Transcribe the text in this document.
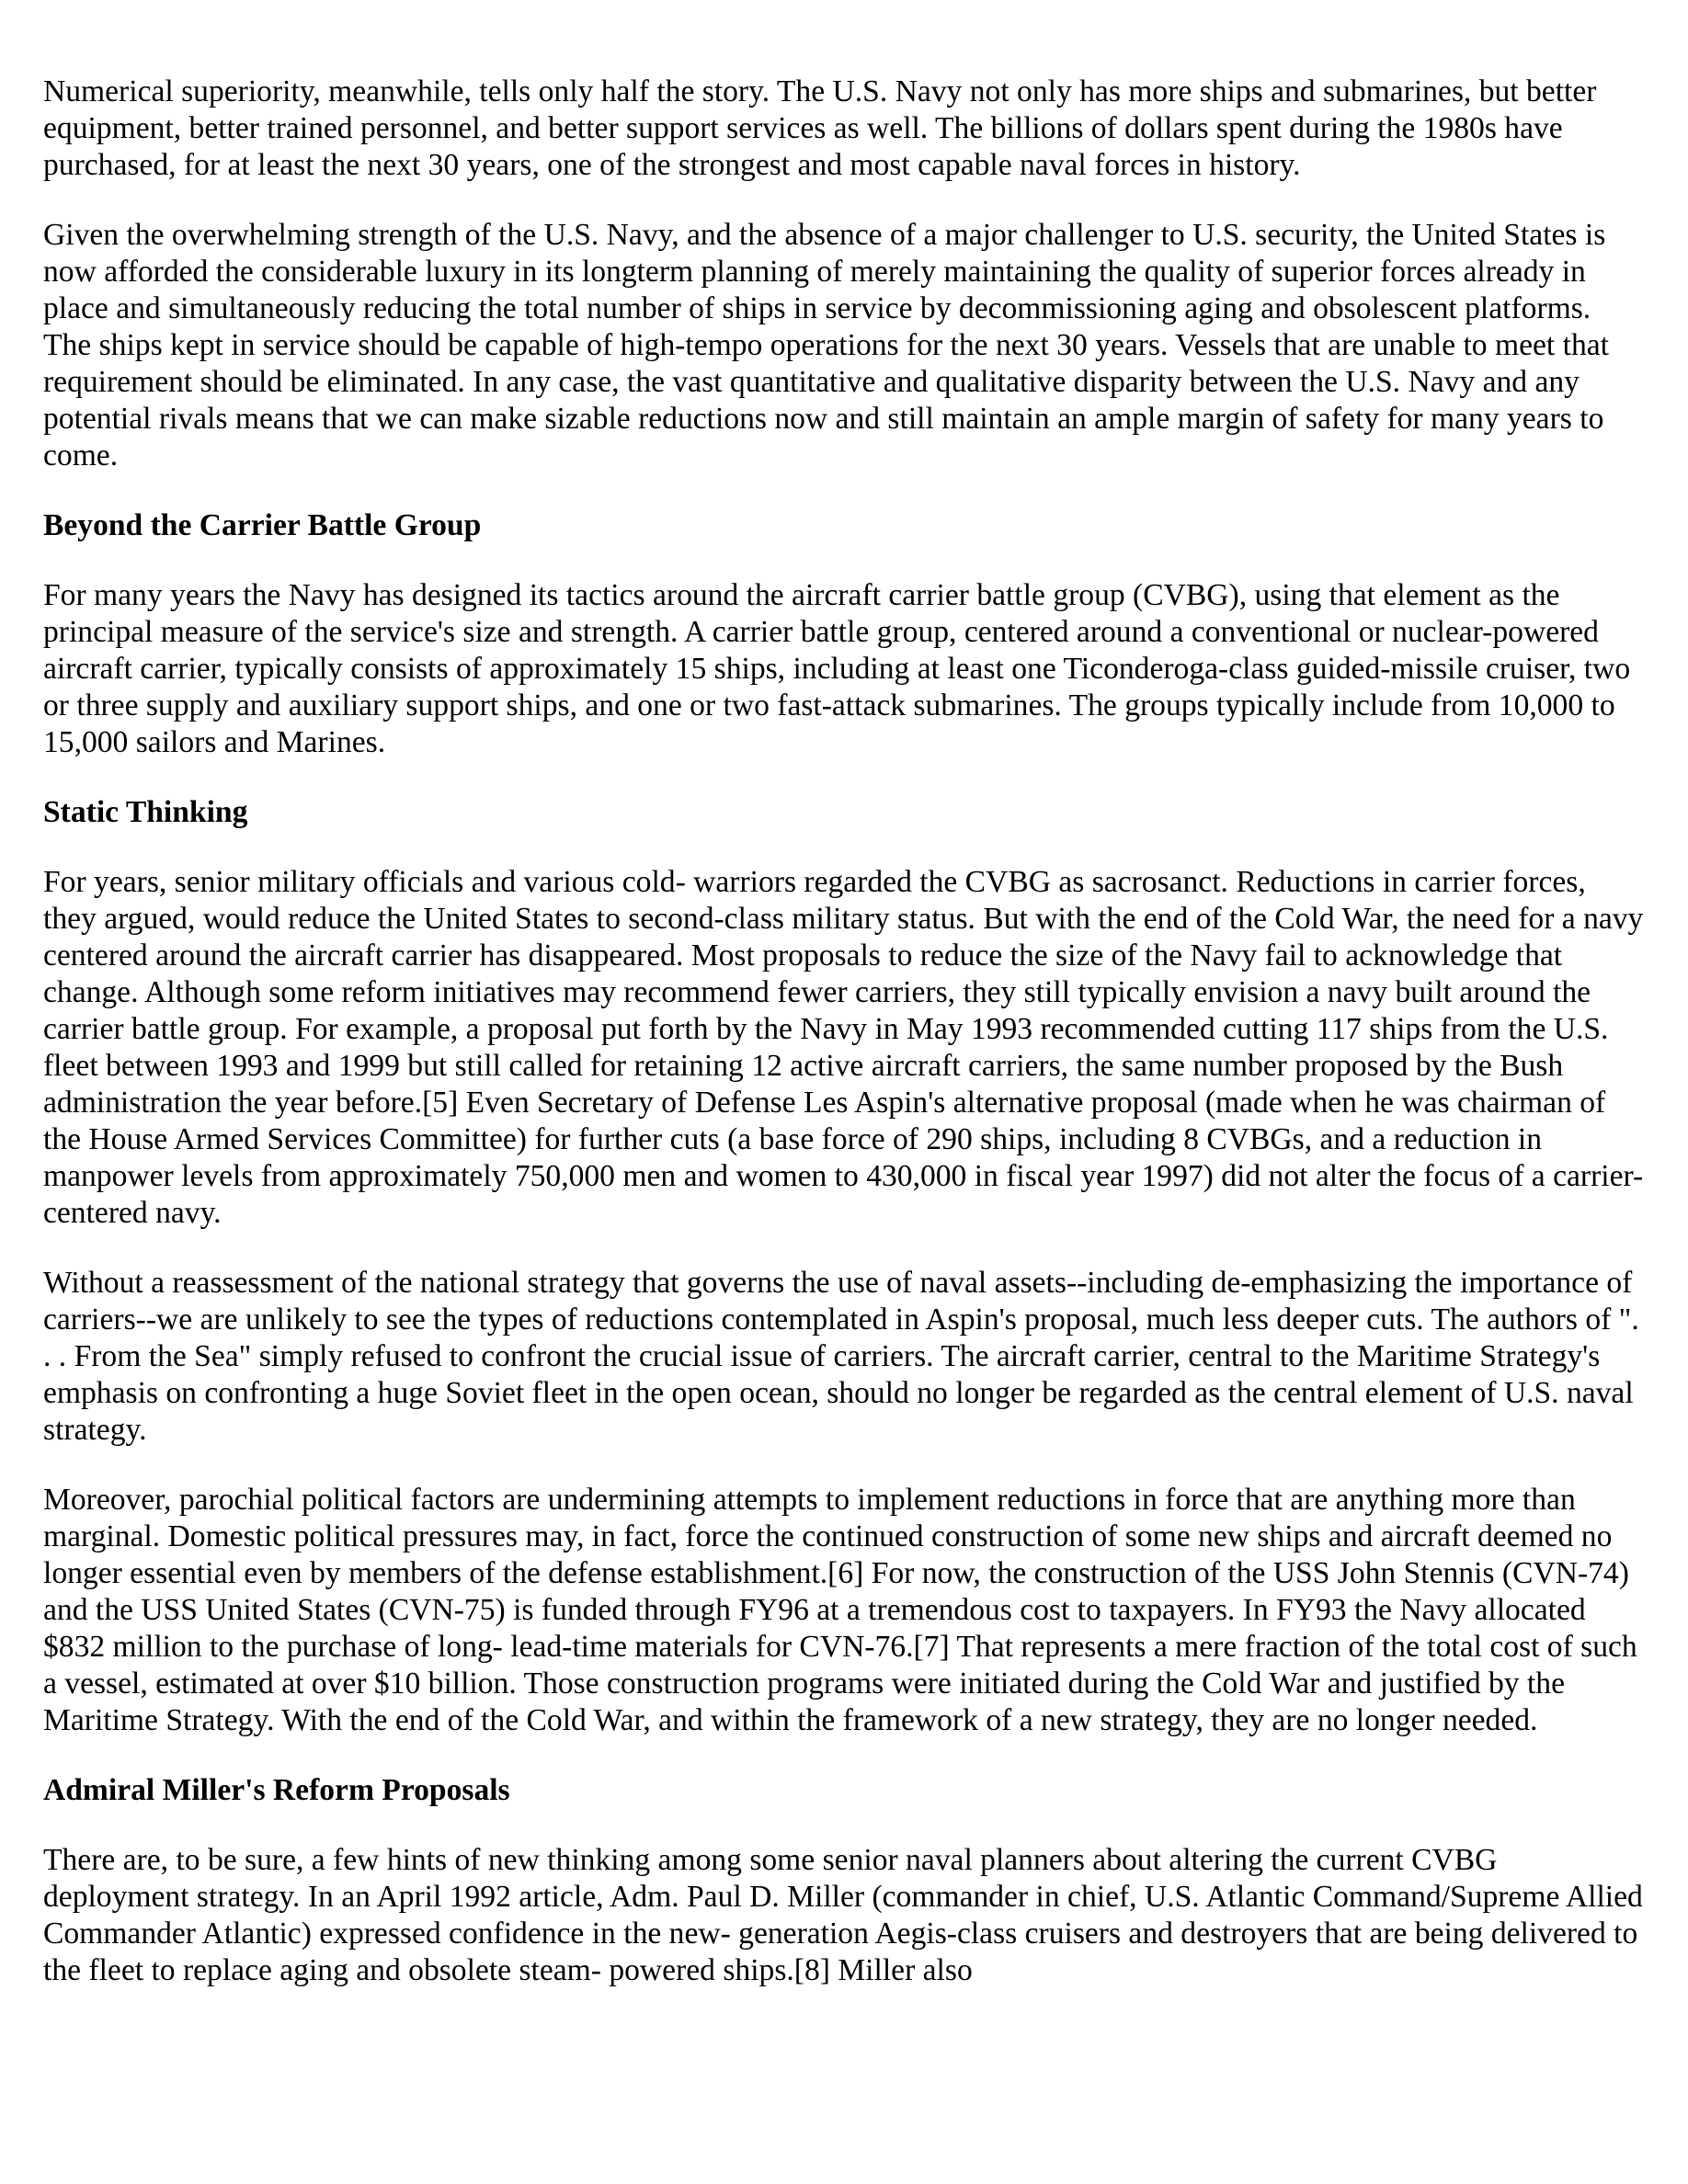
Numerical superiority, meanwhile, tells only half the story. The U.S. Navy not only has more ships and submarines, but better equipment, better trained personnel, and better support services as well. The billions of dollars spent during the 1980s have purchased, for at least the next 30 years, one of the strongest and most capable naval forces in history.

Given the overwhelming strength of the U.S. Navy, and the absence of a major challenger to U.S. security, the United States is now afforded the considerable luxury in its longterm planning of merely maintaining the quality of superior forces already in place and simultaneously reducing the total number of ships in service by decommissioning aging and obsolescent platforms. The ships kept in service should be capable of high-tempo operations for the next 30 years. Vessels that are unable to meet that requirement should be eliminated. In any case, the vast quantitative and qualitative disparity between the U.S. Navy and any potential rivals means that we can make sizable reductions now and still maintain an ample margin of safety for many years to come.

Beyond the Carrier Battle Group

For many years the Navy has designed its tactics around the aircraft carrier battle group (CVBG), using that element as the principal measure of the service's size and strength. A carrier battle group, centered around a conventional or nuclear-powered aircraft carrier, typically consists of approximately 15 ships, including at least one Ticonderoga-class guided-missile cruiser, two or three supply and auxiliary support ships, and one or two fast-attack submarines. The groups typically include from 10,000 to 15,000 sailors and Marines.

Static Thinking

For years, senior military officials and various cold- warriors regarded the CVBG as sacrosanct. Reductions in carrier forces, they argued, would reduce the United States to second-class military status. But with the end of the Cold War, the need for a navy centered around the aircraft carrier has disappeared. Most proposals to reduce the size of the Navy fail to acknowledge that change. Although some reform initiatives may recommend fewer carriers, they still typically envision a navy built around the carrier battle group. For example, a proposal put forth by the Navy in May 1993 recommended cutting 117 ships from the U.S. fleet between 1993 and 1999 but still called for retaining 12 active aircraft carriers, the same number proposed by the Bush administration the year before.[5] Even Secretary of Defense Les Aspin's alternative proposal (made when he was chairman of the House Armed Services Committee) for further cuts (a base force of 290 ships, including 8 CVBGs, and a reduction in manpower levels from approximately 750,000 men and women to 430,000 in fiscal year 1997) did not alter the focus of a carrier-centered navy.

Without a reassessment of the national strategy that governs the use of naval assets--including de-emphasizing the importance of carriers--we are unlikely to see the types of reductions contemplated in Aspin's proposal, much less deeper cuts. The authors of ". . . From the Sea" simply refused to confront the crucial issue of carriers. The aircraft carrier, central to the Maritime Strategy's emphasis on confronting a huge Soviet fleet in the open ocean, should no longer be regarded as the central element of U.S. naval strategy.

Moreover, parochial political factors are undermining attempts to implement reductions in force that are anything more than marginal. Domestic political pressures may, in fact, force the continued construction of some new ships and aircraft deemed no longer essential even by members of the defense establishment.[6] For now, the construction of the USS John Stennis (CVN-74) and the USS United States (CVN-75) is funded through FY96 at a tremendous cost to taxpayers. In FY93 the Navy allocated $832 million to the purchase of long- lead-time materials for CVN-76.[7] That represents a mere fraction of the total cost of such a vessel, estimated at over $10 billion. Those construction programs were initiated during the Cold War and justified by the Maritime Strategy. With the end of the Cold War, and within the framework of a new strategy, they are no longer needed.

Admiral Miller's Reform Proposals

There are, to be sure, a few hints of new thinking among some senior naval planners about altering the current CVBG deployment strategy. In an April 1992 article, Adm. Paul D. Miller (commander in chief, U.S. Atlantic Command/Supreme Allied Commander Atlantic) expressed confidence in the new- generation Aegis-class cruisers and destroyers that are being delivered to the fleet to replace aging and obsolete steam- powered ships.[8] Miller also
